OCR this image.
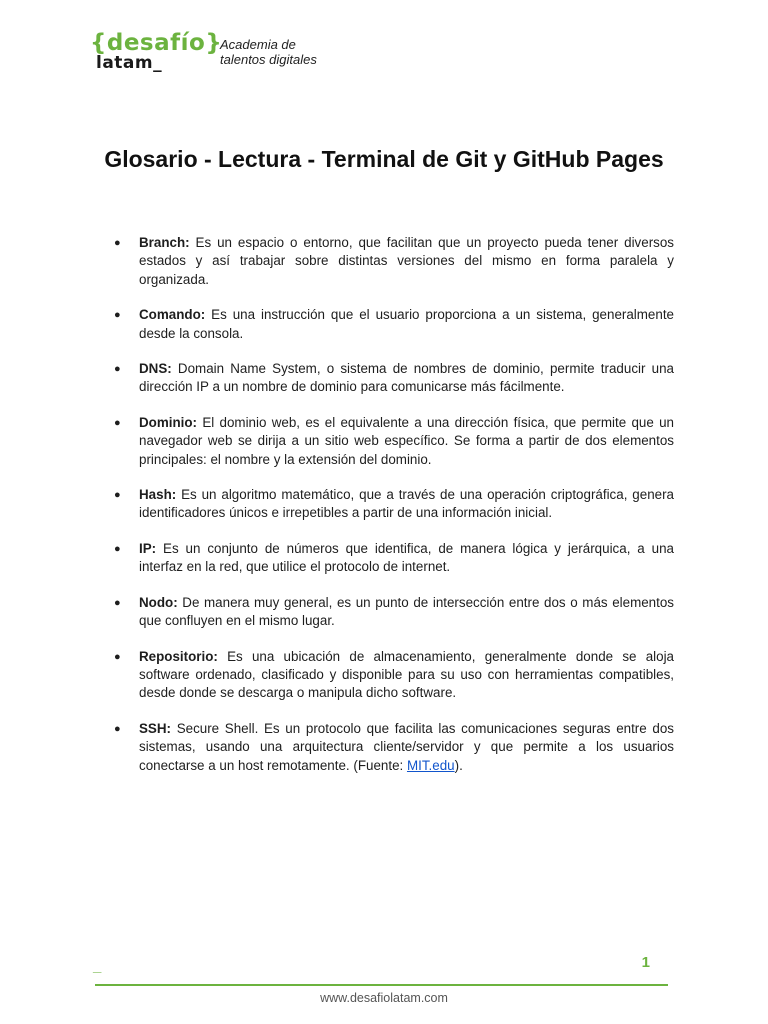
{desafío}
latam_
Academia de
talentos digitales
Glosario - Lectura - Terminal de Git y GitHub Pages
● Branch: Es un espacio o entorno, que facilitan que un proyecto pueda tener diversos estados y así trabajar sobre distintas versiones del mismo en forma paralela y organizada.
● Comando: Es una instrucción que el usuario proporciona a un sistema, generalmente desde la consola.
● DNS: Domain Name System, o sistema de nombres de dominio, permite traducir una dirección IP a un nombre de dominio para comunicarse más fácilmente.
● Dominio: El dominio web, es el equivalente a una dirección física, que permite que un navegador web se dirija a un sitio web específico. Se forma a partir de dos elementos principales: el nombre y la extensión del dominio.
● Hash: Es un algoritmo matemático, que a través de una operación criptográfica, genera identificadores únicos e irrepetibles a partir de una información inicial.
● IP: Es un conjunto de números que identifica, de manera lógica y jerárquica, a una interfaz en la red, que utilice el protocolo de internet.
● Nodo: De manera muy general, es un punto de intersección entre dos o más elementos que confluyen en el mismo lugar.
● Repositorio: Es una ubicación de almacenamiento, generalmente donde se aloja software ordenado, clasificado y disponible para su uso con herramientas compatibles, desde donde se descarga o manipula dicho software.
● SSH: Secure Shell. Es un protocolo que facilita las comunicaciones seguras entre dos sistemas, usando una arquitectura cliente/servidor y que permite a los usuarios conectarse a un host remotamente. (Fuente: MIT.edu).
_	1
www.desafiolatam.com
